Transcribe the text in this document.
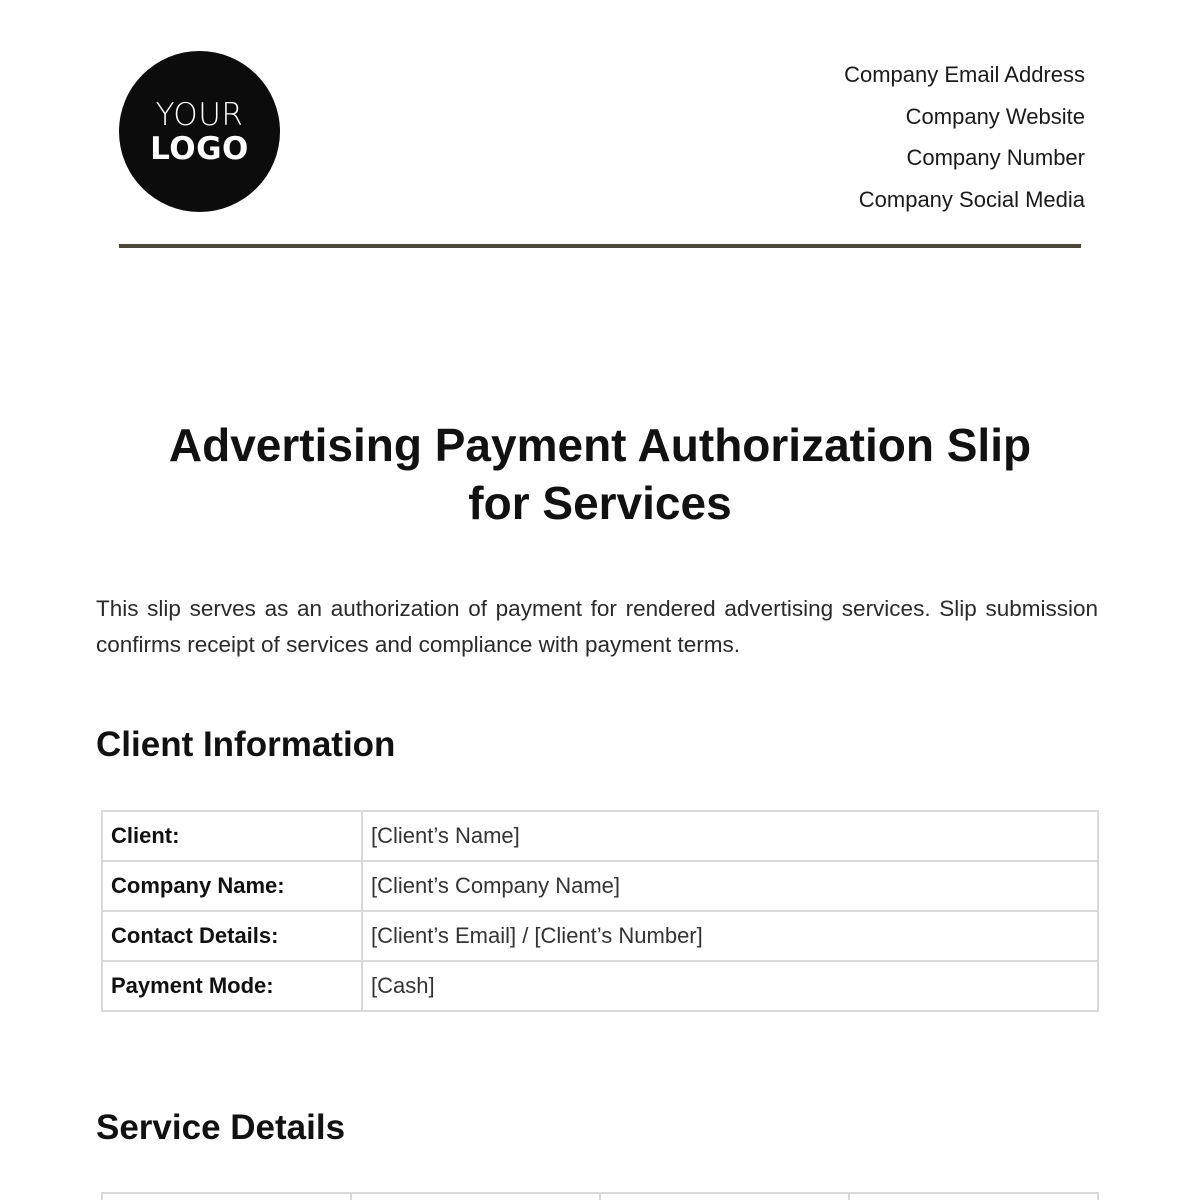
YOUR
LOGO
Company Email Address
Company Website
Company Number
Company Social Media
Advertising Payment Authorization Slip
for Services

This slip serves as an authorization of payment for rendered advertising services. Slip submission confirms receipt of services and compliance with payment terms.

Client Information
Client:	[Client’s Name]
Company Name:	[Client’s Company Name]
Contact Details:	[Client’s Email] / [Client’s Number]
Payment Mode:	[Cash]
Service Details
